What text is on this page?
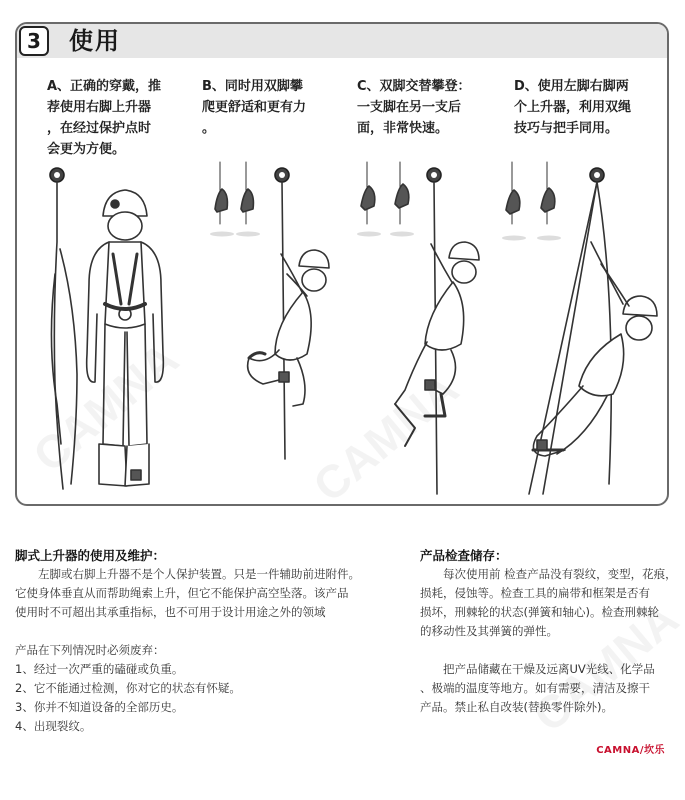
3	使用
A、正确的穿戴，推
荐使用右脚上升器
，在经过保护点时
会更为方便。
B、同时用双脚攀
爬更舒适和更有力
。
C、双脚交替攀登：
一支脚在另一支后
面，非常快速。
D、使用左脚右脚两
个上升器，利用双绳
技巧与把手同用。
脚式上升器的使用及维护：
　　左脚或右脚上升器不是个人保护装置。只是一件辅助前进附件。
它使身体垂直从而帮助绳索上升，但它不能保护高空坠落。该产品
使用时不可超出其承重指标，也不可用于设计用途之外的领域
产品在下列情况时必须废弃：
1、经过一次严重的磕碰或负重。
2、它不能通过检测，你对它的状态有怀疑。
3、你并不知道设备的全部历史。
4、出现裂纹。
产品检查储存：
　　每次使用前 检查产品没有裂纹，变型，花痕，
损耗，侵蚀等。检查工具的扁带和框架是否有
损坏，刑棘轮的状态(弹簧和轴心)。检查刑棘轮
的移动性及其弹簧的弹性。
　　把产品储藏在干燥及远离UV光线、化学品
、极端的温度等地方。如有需要，清洁及擦干
产品。禁止私自改装(替换零件除外)。
CAMNA/坎乐
